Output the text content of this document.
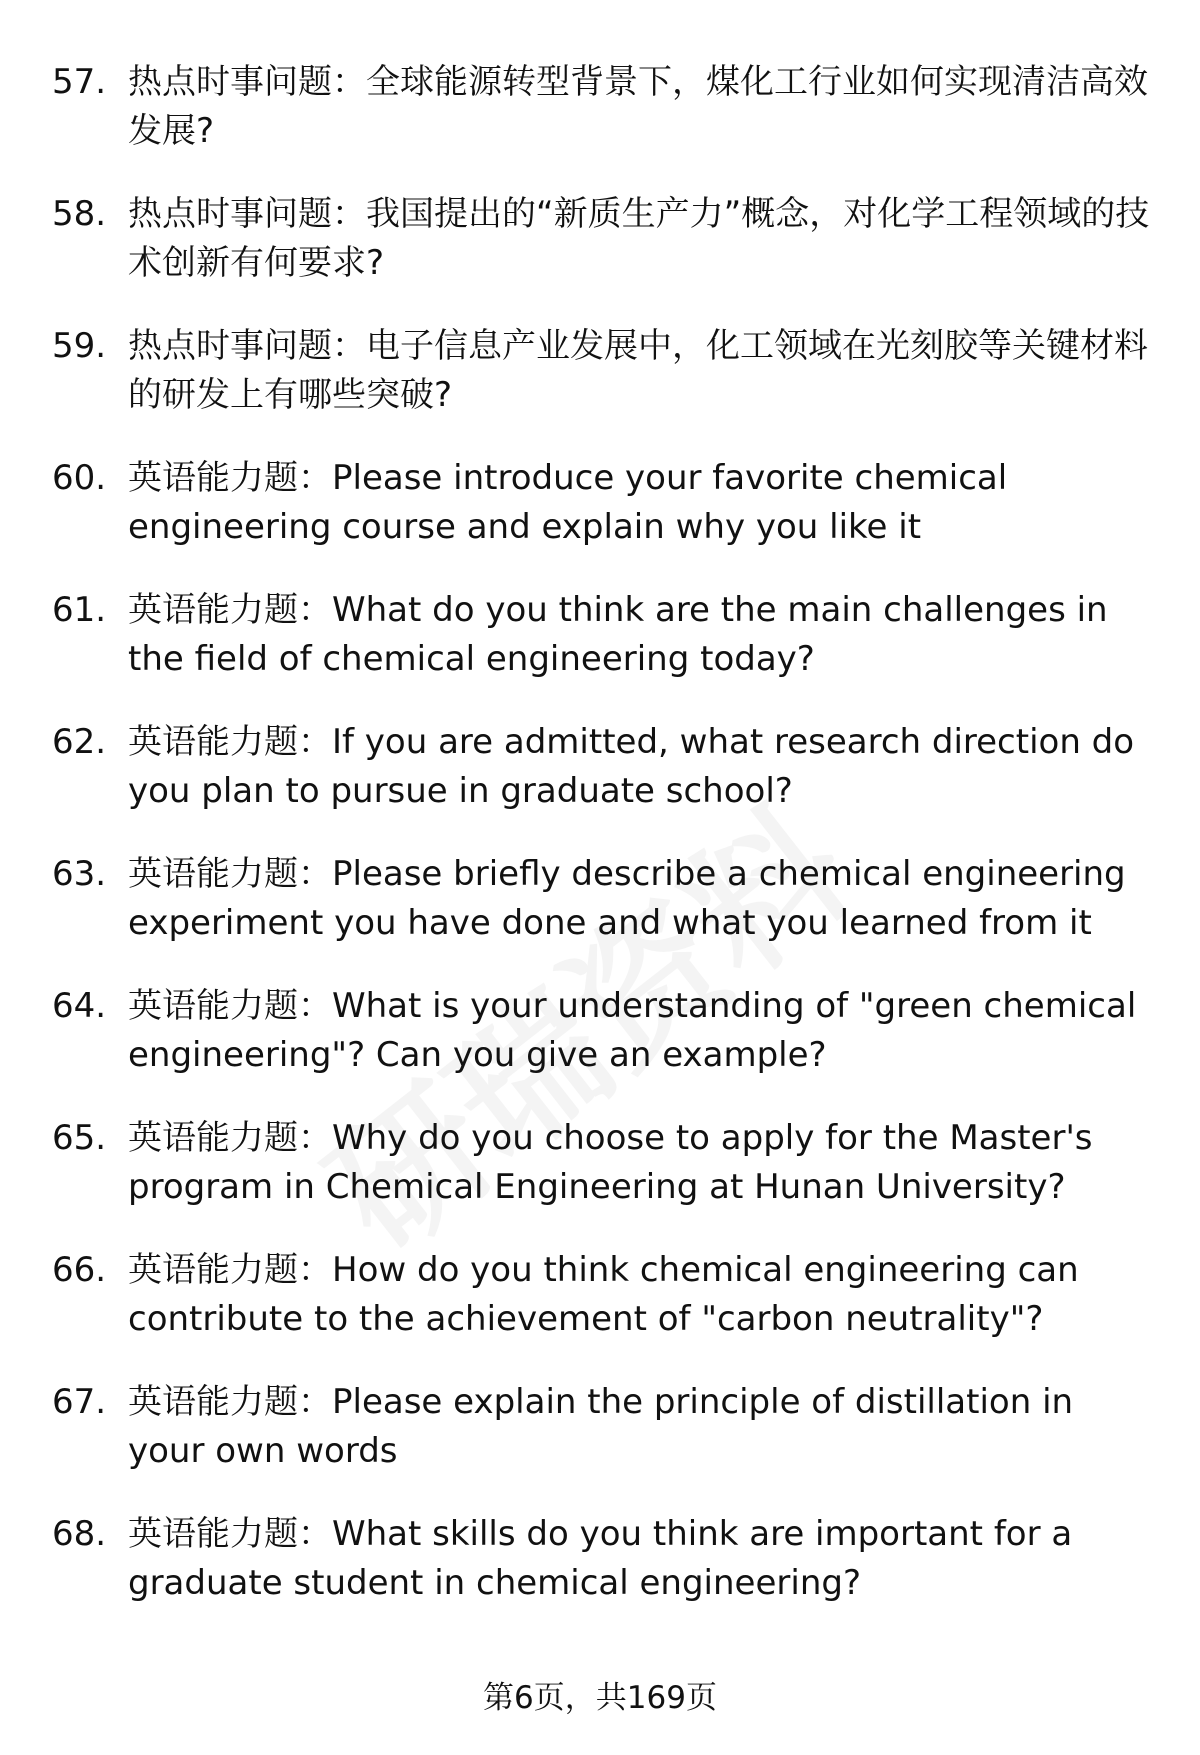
57. 热点时事问题：全球能源转型背景下，煤化工行业如何实现清洁高效发展?
58. 热点时事问题：我国提出的“新质生产力”概念，对化学工程领域的技术创新有何要求?
59. 热点时事问题：电子信息产业发展中，化工领域在光刻胶等关键材料的研发上有哪些突破?
60. 英语能力题：Please introduce your favorite chemical engineering course and explain why you like it
61. 英语能力题：What do you think are the main challenges in the field of chemical engineering today?
62. 英语能力题：If you are admitted, what research direction do you plan to pursue in graduate school?
63. 英语能力题：Please briefly describe a chemical engineering experiment you have done and what you learned from it
64. 英语能力题：What is your understanding of "green chemical engineering"? Can you give an example?
65. 英语能力题：Why do you choose to apply for the Master's program in Chemical Engineering at Hunan University?
66. 英语能力题：How do you think chemical engineering can contribute to the achievement of "carbon neutrality"?
67. 英语能力题：Please explain the principle of distillation in your own words
68. 英语能力题：What skills do you think are important for a graduate student in chemical engineering?
第6页，共169页
